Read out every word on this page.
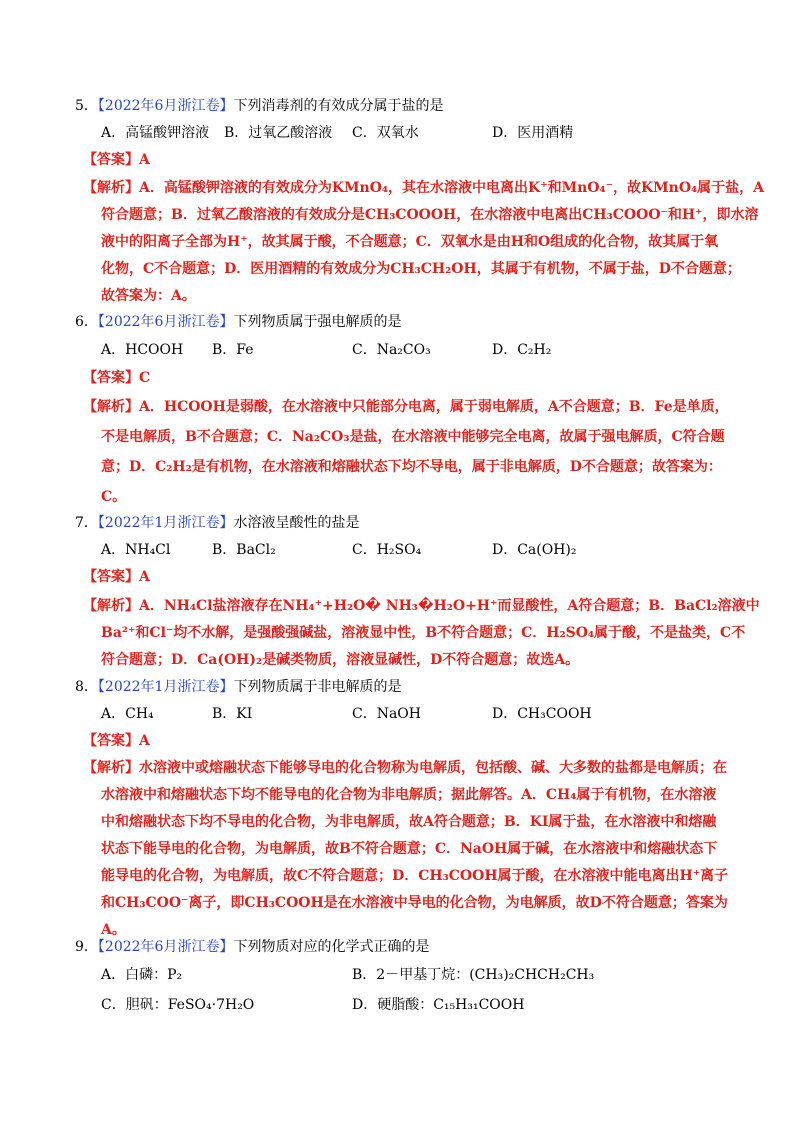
5．【2022年6月浙江卷】下列消毒剂的有效成分属于盐的是
A．高锰酸钾溶液 B．过氧乙酸溶液 C．双氧水	D．医用酒精
【答案】A
【解析】A．高锰酸钾溶液的有效成分为KMnO₄，其在水溶液中电离出K⁺和MnO₄⁻，故KMnO₄属于盐，A
符合题意；B．过氧乙酸溶液的有效成分是CH₃COOOH，在水溶液中电离出CH₃COOO⁻和H⁺，即水溶
液中的阳离子全部为H⁺，故其属于酸，不合题意；C．双氧水是由H和O组成的化合物，故其属于氧
化物，C不合题意；D．医用酒精的有效成分为CH₃CH₂OH，其属于有机物，不属于盐，D不合题意；
故答案为：A。
6．【2022年6月浙江卷】下列物质属于强电解质的是
A．HCOOH B．Fe	C．Na₂CO₃	D．C₂H₂
【答案】C
【解析】A．HCOOH是弱酸，在水溶液中只能部分电离，属于弱电解质，A不合题意；B．Fe是单质，
不是电解质，B不合题意；C．Na₂CO₃是盐，在水溶液中能够完全电离，故属于强电解质，C符合题
意；D．C₂H₂是有机物，在水溶液和熔融状态下均不导电，属于非电解质，D不合题意；故答案为：
C。
7．【2022年1月浙江卷】水溶液呈酸性的盐是
A．NH₄Cl	B．BaCl₂	C．H₂SO₄	D．Ca(OH)₂
【答案】A
【解析】A．NH₄Cl盐溶液存在NH₄⁺+H₂O� NH₃�H₂O+H⁺而显酸性，A符合题意；B．BaCl₂溶液中
Ba²⁺和Cl⁻均不水解，是强酸强碱盐，溶液显中性，B不符合题意；C．H₂SO₄属于酸，不是盐类，C不
符合题意；D．Ca(OH)₂是碱类物质，溶液显碱性，D不符合题意；故选A。
8．【2022年1月浙江卷】下列物质属于非电解质的是
A．CH₄	B．KI	C．NaOH	D．CH₃COOH
【答案】A
【解析】水溶液中或熔融状态下能够导电的化合物称为电解质，包括酸、碱、大多数的盐都是电解质；在
水溶液中和熔融状态下均不能导电的化合物为非电解质；据此解答。A．CH₄属于有机物，在水溶液
中和熔融状态下均不导电的化合物，为非电解质，故A符合题意；B．KI属于盐，在水溶液中和熔融
状态下能导电的化合物，为电解质，故B不符合题意；C．NaOH属于碱，在水溶液中和熔融状态下
能导电的化合物，为电解质，故C不符合题意；D．CH₃COOH属于酸，在水溶液中能电离出H⁺离子
和CH₃COO⁻离子，即CH₃COOH是在水溶液中导电的化合物，为电解质，故D不符合题意；答案为
A。
9．【2022年6月浙江卷】下列物质对应的化学式正确的是
A．白磷：P₂	B．2－甲基丁烷：(CH₃)₂CHCH₂CH₃
C．胆矾：FeSO₄·7H₂O	D．硬脂酸：C₁₅H₃₁COOH
